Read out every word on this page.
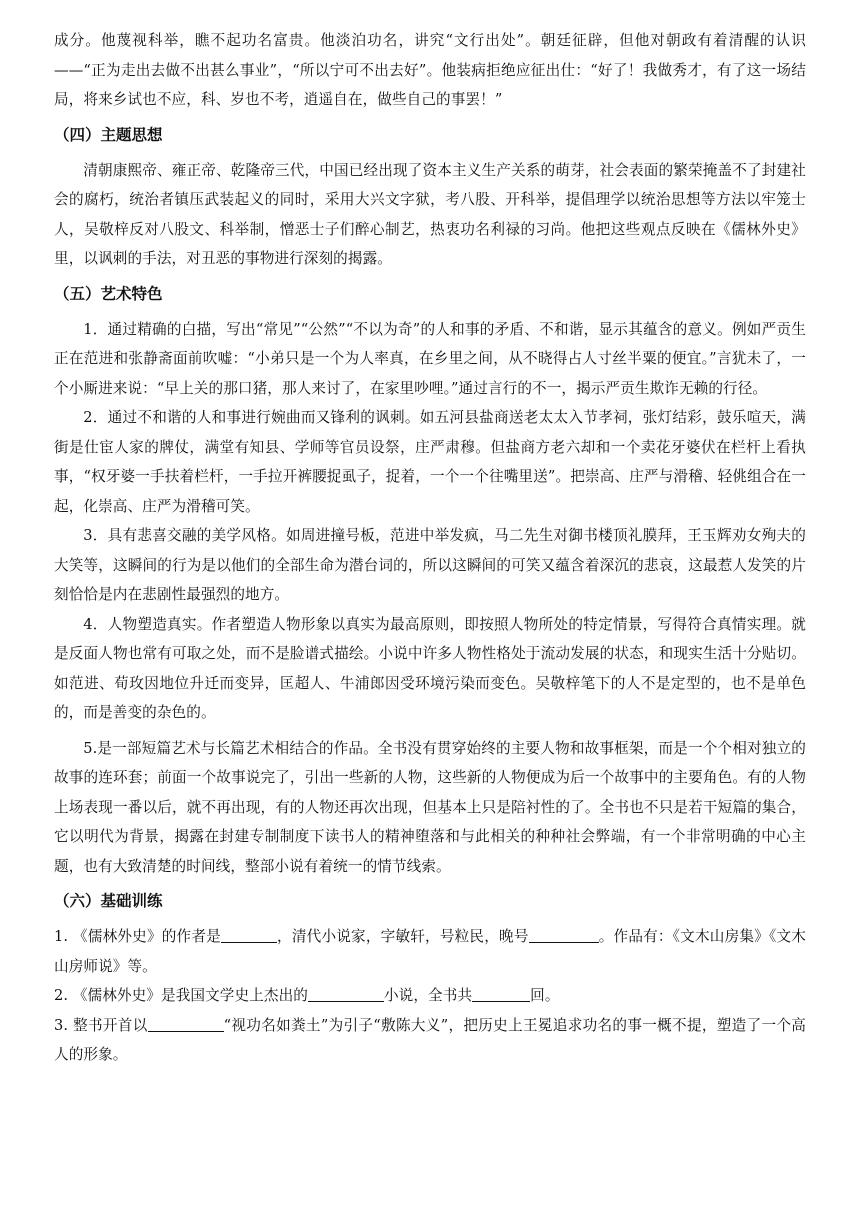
成分。他蔑视科举，瞧不起功名富贵。他淡泊功名，讲究“文行出处”。朝廷征辟，但他对朝政有着清醒的认识——“正为走出去做不出甚么事业”，“所以宁可不出去好”。他装病拒绝应征出仕：“好了！我做秀才，有了这一场结局，将来乡试也不应，科、岁也不考，逍遥自在，做些自己的事罢！”

（四）主题思想

清朝康熙帝、雍正帝、乾隆帝三代，中国已经出现了资本主义生产关系的萌芽，社会表面的繁荣掩盖不了封建社会的腐朽，统治者镇压武装起义的同时，采用大兴文字狱，考八股、开科举，提倡理学以统治思想等方法以牢笼士人，吴敬梓反对八股文、科举制，憎恶士子们醉心制艺，热衷功名利禄的习尚。他把这些观点反映在《儒林外史》里，以讽刺的手法，对丑恶的事物进行深刻的揭露。

（五）艺术特色

1．通过精确的白描，写出“常见”“公然”“不以为奇”的人和事的矛盾、不和谐，显示其蕴含的意义。例如严贡生正在范进和张静斋面前吹嘘：“小弟只是一个为人率真，在乡里之间，从不晓得占人寸丝半粟的便宜。”言犹未了，一个小厮进来说：“早上关的那口猪，那人来讨了，在家里吵哩。”通过言行的不一，揭示严贡生欺诈无赖的行径。

2．通过不和谐的人和事进行婉曲而又锋利的讽刺。如五河县盐商送老太太入节孝祠，张灯结彩，鼓乐喧天，满街是仕宦人家的牌仗，满堂有知县、学师等官员设祭，庄严肃穆。但盐商方老六却和一个卖花牙婆伏在栏杆上看执事，“权牙婆一手扶着栏杆，一手拉开裤腰捉虱子，捉着，一个一个往嘴里送”。把崇高、庄严与滑稽、轻佻组合在一起，化崇高、庄严为滑稽可笑。

3．具有悲喜交融的美学风格。如周进撞号板，范进中举发疯，马二先生对御书楼顶礼膜拜，王玉辉劝女殉夫的大笑等，这瞬间的行为是以他们的全部生命为潜台词的，所以这瞬间的可笑又蕴含着深沉的悲哀，这最惹人发笑的片刻恰恰是内在悲剧性最强烈的地方。

4．人物塑造真实。作者塑造人物形象以真实为最高原则，即按照人物所处的特定情景，写得符合真情实理。就是反面人物也常有可取之处，而不是脸谱式描绘。小说中许多人物性格处于流动发展的状态，和现实生活十分贴切。如范进、荀玫因地位升迁而变异，匡超人、牛浦郎因受环境污染而变色。吴敬梓笔下的人不是定型的，也不是单色的，而是善变的杂色的。

5.是一部短篇艺术与长篇艺术相结合的作品。全书没有贯穿始终的主要人物和故事框架，而是一个个相对独立的故事的连环套；前面一个故事说完了，引出一些新的人物，这些新的人物便成为后一个故事中的主要角色。有的人物上场表现一番以后，就不再出现，有的人物还再次出现，但基本上只是陪衬性的了。全书也不只是若干短篇的集合，它以明代为背景，揭露在封建专制制度下读书人的精神堕落和与此相关的种种社会弊端，有一个非常明确的中心主题，也有大致清楚的时间线，整部小说有着统一的情节线索。

（六）基础训练

1. 《儒林外史》的作者是	，清代小说家，字敏轩，号粒民，晚号	。作品有：《文木山房集》《文木山房师说》等。

2. 《儒林外史》是我国文学史上杰出的	小说，全书共	回。

3. 整书开首以	“视功名如粪土”为引子“敷陈大义”，把历史上王冕追求功名的事一概不提，塑造了一个高人的形象。
